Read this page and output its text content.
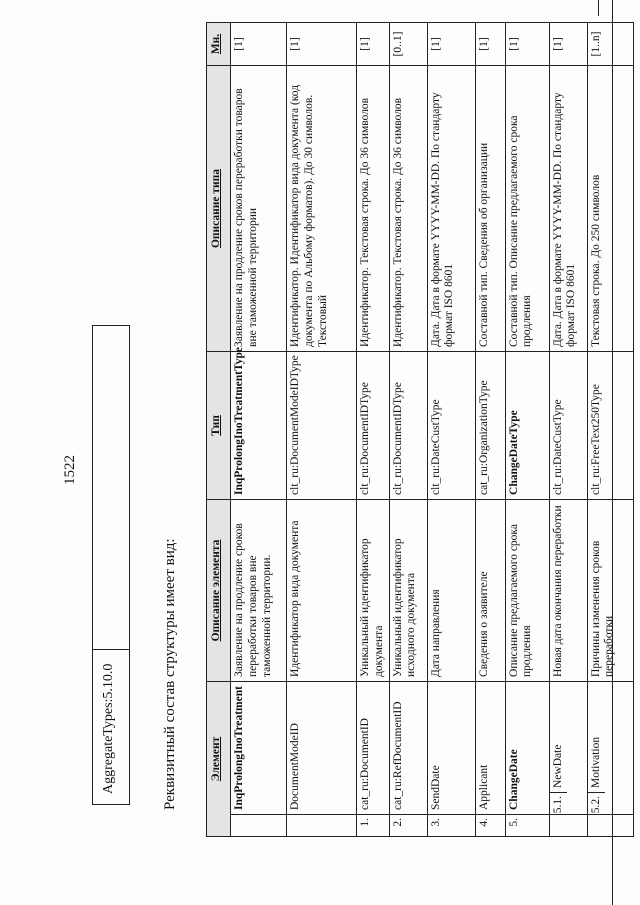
1522
AggregateTypes:5.10.0	Реквизитный состав структуры имеет вид:	Элемент		Описание элемента	Тип	Описание типа	Мн.
	InqProlongInoTreatment	Заявление на продление сроков переработки товаров вне таможенной территории.	InqProlongInoTreatmentType	Заявление на продление сроков переработки товаров вне таможенной территории	[1]
	DocumentModeID	Идентификатор вида документа	clt_ru:DocumentModeIDType	Идентификатор. Идентификатор вида документа (код документа по Альбому форматов). До 30 символов. Текстовый	[1]
1.	cat_ru:DocumentID	Уникальный идентификатор документа	clt_ru:DocumentIDType	Идентификатор. Текстовая строка. До 36 символов	[1]
2.	cat_ru:RefDocumentID	Уникальный идентификатор исходного документа	clt_ru:DocumentIDType	Идентификатор. Текстовая строка. До 36 символов	[0..1]
3.	SendDate	Дата направления	clt_ru:DateCustType	Дата. Дата в формате YYYY-MM-DD. По стандарту формат ISO 8601	[1]
4.	Applicant	Сведения о заявителе	cat_ru:OrganizationType	Составной тип. Сведения об организации	[1]
5.	ChangeDate	Описание предлагаемого срока продления	ChangeDateType	Составной тип. Описание предлагаемого срока продления	[1]
	5.1.NewDate	Новая дата окончания переработки	clt_ru:DateCustType	Дата. Дата в формате YYYY-MM-DD. По стандарту формат ISO 8601	[1]
	5.2.Motivation	Причины изменения сроков переработки	clt_ru:FreeText250Type	Текстовая строка. До 250 символов	[1..n]
